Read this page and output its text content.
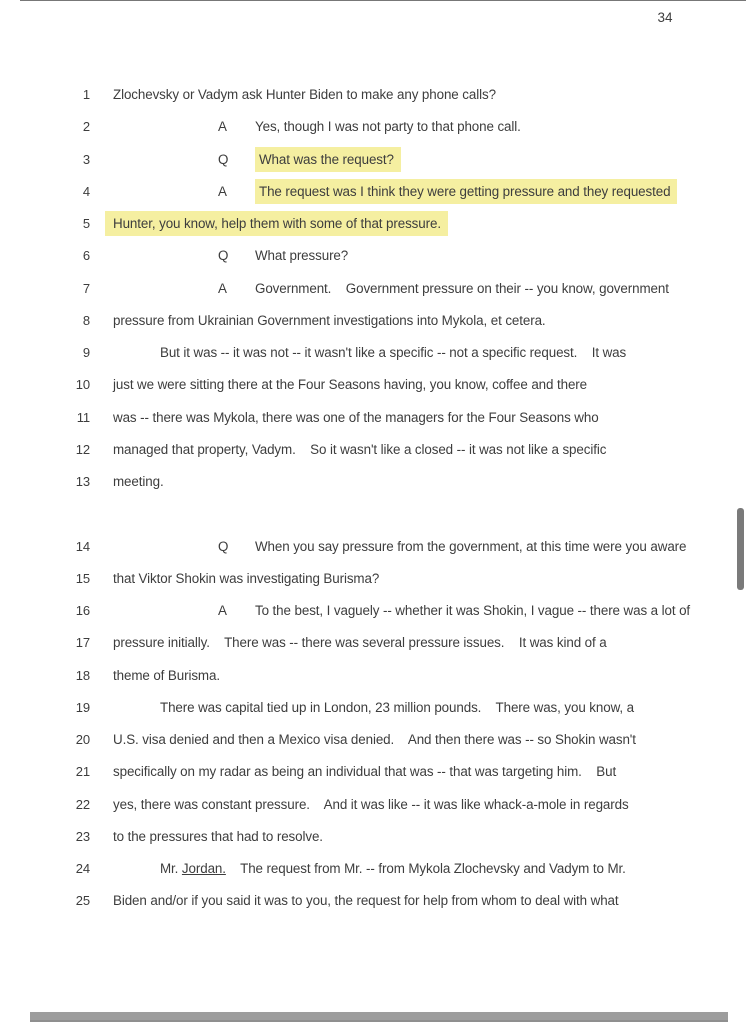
34
1 Zlochevsky or Vadym ask Hunter Biden to make any phone calls?
2	A Yes, though I was not party to that phone call.
3	Q What was the request?
4	A The request was I think they were getting pressure and they requested
5 Hunter, you know, help them with some of that pressure.
6	Q What pressure?
7	A Government.    Government pressure on their -- you know, government
8 pressure from Ukrainian Government investigations into Mykola, et cetera.
9	But it was -- it was not -- it wasn't like a specific -- not a specific request.    It was
10 just we were sitting there at the Four Seasons having, you know, coffee and there
11 was -- there was Mykola, there was one of the managers for the Four Seasons who
12 managed that property, Vadym.    So it wasn't like a closed -- it was not like a specific
13 meeting.
14	Q When you say pressure from the government, at this time were you aware
15 that Viktor Shokin was investigating Burisma?
16	A To the best, I vaguely -- whether it was Shokin, I vague -- there was a lot of
17 pressure initially.    There was -- there was several pressure issues.    It was kind of a
18 theme of Burisma.
19	There was capital tied up in London, 23 million pounds.    There was, you know, a
20 U.S. visa denied and then a Mexico visa denied.    And then there was -- so Shokin wasn't
21 specifically on my radar as being an individual that was -- that was targeting him.    But
22 yes, there was constant pressure.    And it was like -- it was like whack-a-mole in regards
23 to the pressures that had to resolve.
24	Mr. Jordan.    The request from Mr. -- from Mykola Zlochevsky and Vadym to Mr.
25 Biden and/or if you said it was to you, the request for help from whom to deal with what
